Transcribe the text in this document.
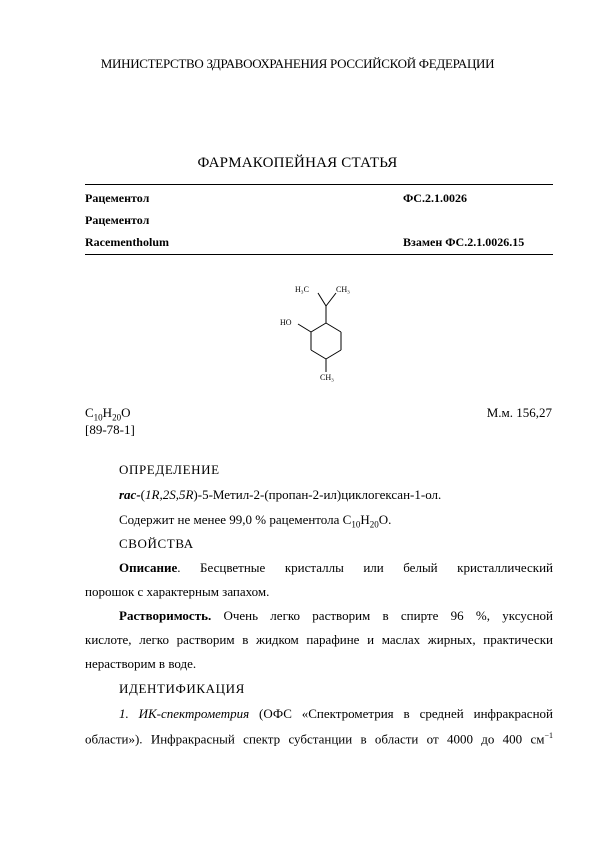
МИНИСТЕРСТВО ЗДРАВООХРАНЕНИЯ РОССИЙСКОЙ ФЕДЕРАЦИИ
ФАРМАКОПЕЙНАЯ СТАТЬЯ
Рацементол	ФС.2.1.0026
Рацементол
Racementholum	Взамен ФС.2.1.0026.15
H₃C	CH₃
HO
CH₃
$C_{10}H_{20}O$
[89-78-1]
М.м. 156,27
ОПРЕДЕЛЕНИЕ
rac-(1R,2S,5R)-5-Метил-2-(пропан-2-ил)циклогексан-1-ол.
Содержит не менее 99,0 % рацементола $C_{10}H_{20}O$.
СВОЙСТВА
Описание. Бесцветные кристаллы или белый кристаллический
порошок с характерным запахом.
Растворимость. Очень легко растворим в спирте 96 %, уксусной
кислоте, легко растворим в жидком парафине и маслах жирных, практически
нерастворим в воде.
ИДЕНТИФИКАЦИЯ
1. ИК-спектрометрия (ОФС «Спектрометрия в средней инфракрасной
области»). Инфракрасный спектр субстанции в области от 4000 до 400 $см^{-1}$
